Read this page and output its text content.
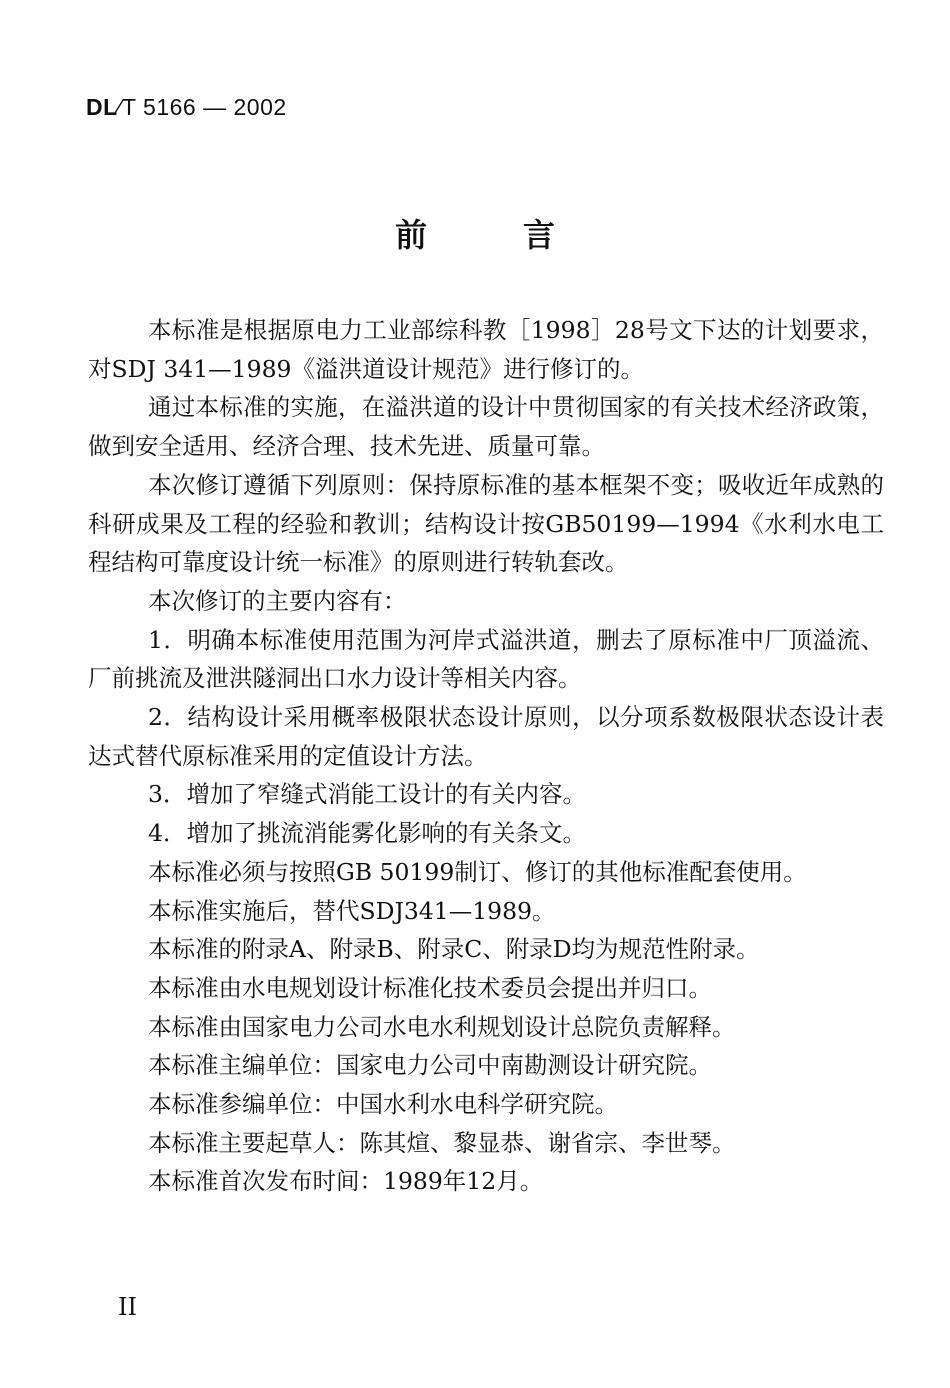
DL⁄T 5166 — 2002
前言

本标准是根据原电力工业部综科教［1998］28号文下达的计划要求，对SDJ 341—1989《溢洪道设计规范》进行修订的。

通过本标准的实施，在溢洪道的设计中贯彻国家的有关技术经济政策，做到安全适用、经济合理、技术先进、质量可靠。

本次修订遵循下列原则：保持原标准的基本框架不变；吸收近年成熟的科研成果及工程的经验和教训；结构设计按GB50199—1994《水利水电工程结构可靠度设计统一标准》的原则进行转轨套改。

本次修订的主要内容有：

1．明确本标准使用范围为河岸式溢洪道，删去了原标准中厂顶溢流、厂前挑流及泄洪隧洞出口水力设计等相关内容。

2．结构设计采用概率极限状态设计原则，以分项系数极限状态设计表达式替代原标准采用的定值设计方法。

3．增加了窄缝式消能工设计的有关内容。

4．增加了挑流消能雾化影响的有关条文。

本标准必须与按照GB 50199制订、修订的其他标准配套使用。

本标准实施后，替代SDJ341—1989。

本标准的附录A、附录B、附录C、附录D均为规范性附录。

本标准由水电规划设计标准化技术委员会提出并归口。

本标准由国家电力公司水电水利规划设计总院负责解释。

本标准主编单位：国家电力公司中南勘测设计研究院。

本标准参编单位：中国水利水电科学研究院。

本标准主要起草人：陈其煊、黎显恭、谢省宗、李世琴。

本标准首次发布时间：1989年12月。

II
